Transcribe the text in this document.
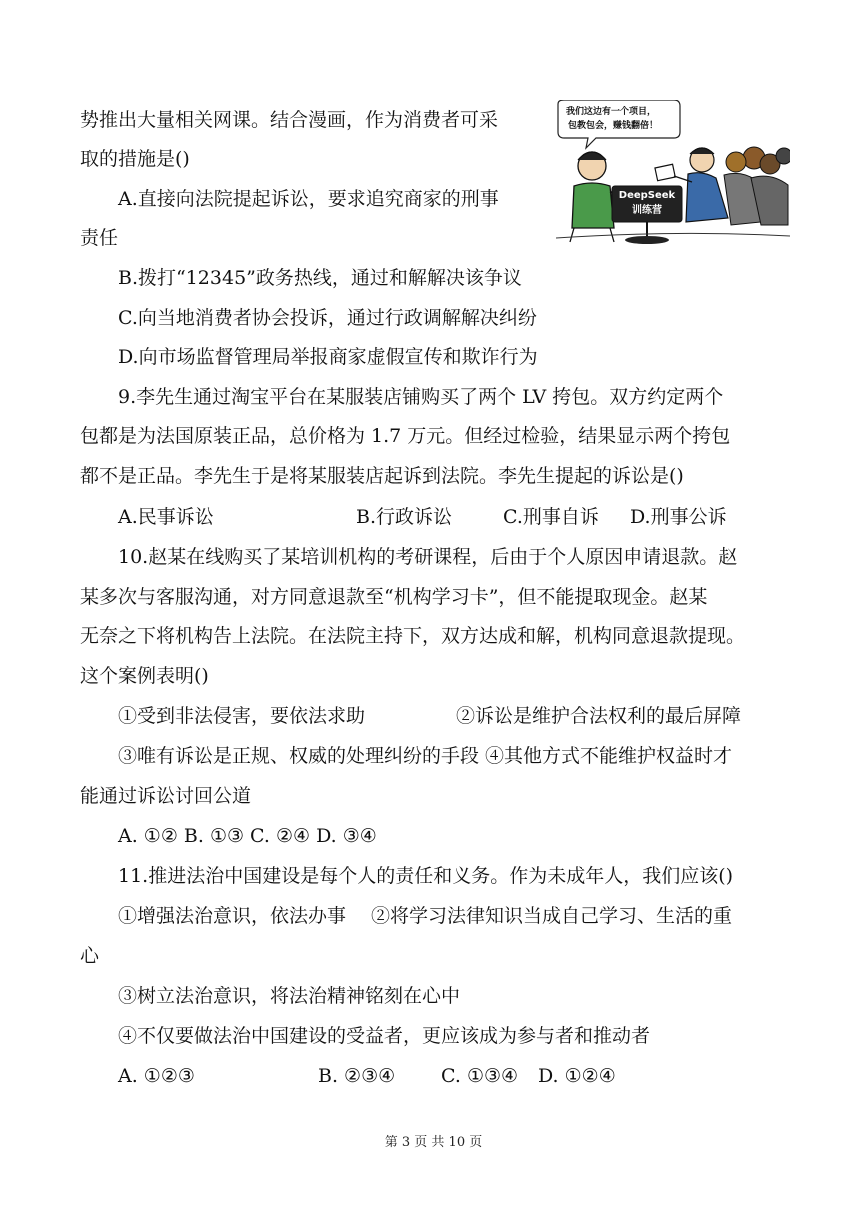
势推出大量相关网课。结合漫画，作为消费者可采
取的措施是()
A.直接向法院提起诉讼，要求追究商家的刑事
责任
B.拨打“12345”政务热线，通过和解解决该争议
C.向当地消费者协会投诉，通过行政调解解决纠纷
D.向市场监督管理局举报商家虚假宣传和欺诈行为
我们这边有一个项目，
包教包会，赚钱翻倍！
DeepSeek
训练营
9.李先生通过淘宝平台在某服装店铺购买了两个 LV 挎包。双方约定两个
包都是为法国原装正品，总价格为 1.7 万元。但经过检验，结果显示两个挎包
都不是正品。李先生于是将某服装店起诉到法院。李先生提起的诉讼是()
A.民事诉讼	B.行政诉讼	C.刑事自诉 D.刑事公诉
10.赵某在线购买了某培训机构的考研课程，后由于个人原因申请退款。赵
某多次与客服沟通，对方同意退款至“机构学习卡”，但不能提取现金。赵某
无奈之下将机构告上法院。在法院主持下，双方达成和解，机构同意退款提现。
这个案例表明()
①受到非法侵害，要依法求助	②诉讼是维护合法权利的最后屏障
③唯有诉讼是正规、权威的处理纠纷的手段 ④其他方式不能维护权益时才
能通过诉讼讨回公道
A. ①② B. ①③ C. ②④ D. ③④
11.推进法治中国建设是每个人的责任和义务。作为未成年人，我们应该()
①增强法治意识，依法办事　 ②将学习法律知识当成自己学习、生活的重
心
③树立法治意识，将法治精神铭刻在心中
④不仅要做法治中国建设的受益者，更应该成为参与者和推动者
A. ①②③	B. ②③④ C. ①③④ D. ①②④
第 3 页 共 10 页
